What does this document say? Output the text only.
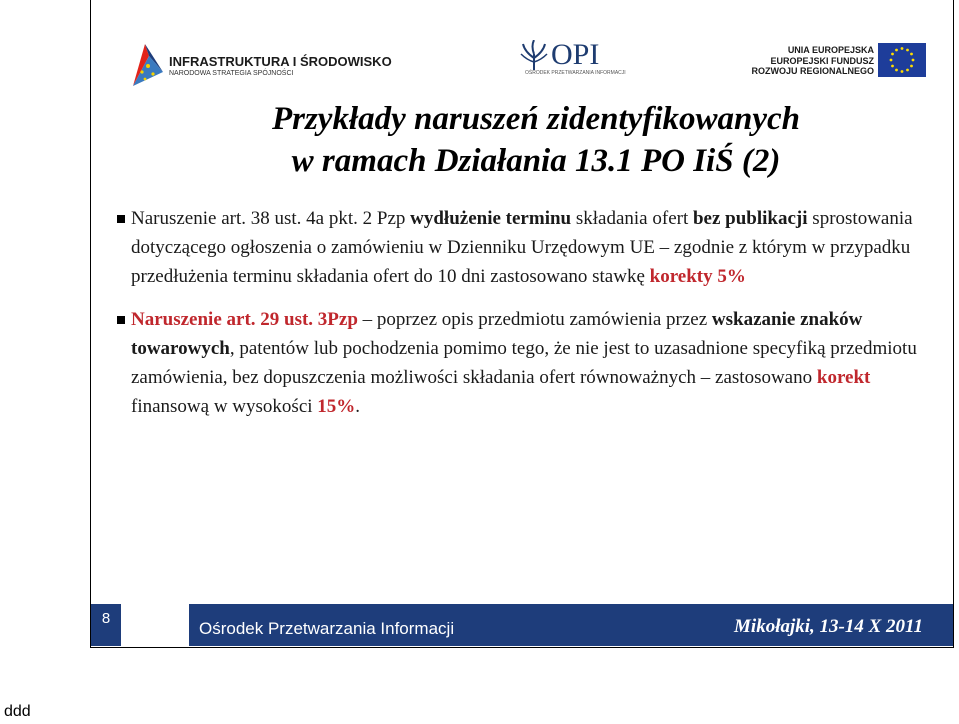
INFRASTRUKTURA I ŚRODOWISKO
NARODOWA STRATEGIA SPÓJNOŚCI
OPI
OŚRODEK PRZETWARZANIA INFORMACJI
UNIA EUROPEJSKA
EUROPEJSKI FUNDUSZ
ROZWOJU REGIONALNEGO
Przykłady naruszeń zidentyfikowanych
w ramach Działania 13.1 PO IiŚ (2)
Naruszenie art. 38 ust. 4a pkt. 2 Pzp wydłużenie terminu składania ofert bez publikacji sprostowania dotyczącego ogłoszenia o zamówieniu w Dzienniku Urzędowym UE – zgodnie z którym w przypadku przedłużenia terminu składania ofert do 10 dni zastosowano stawkę korekty 5%
Naruszenie art. 29 ust. 3Pzp – poprzez opis przedmiotu zamówienia przez wskazanie znaków towarowych, patentów lub pochodzenia pomimo tego, że nie jest to uzasadnione specyfiką przedmiotu zamówienia, bez dopuszczenia możliwości składania ofert równoważnych – zastosowano korekt finansową w wysokości 15%.
8
Ośrodek Przetwarzania Informacji	Mikołajki, 13-14 X 2011
ddd
